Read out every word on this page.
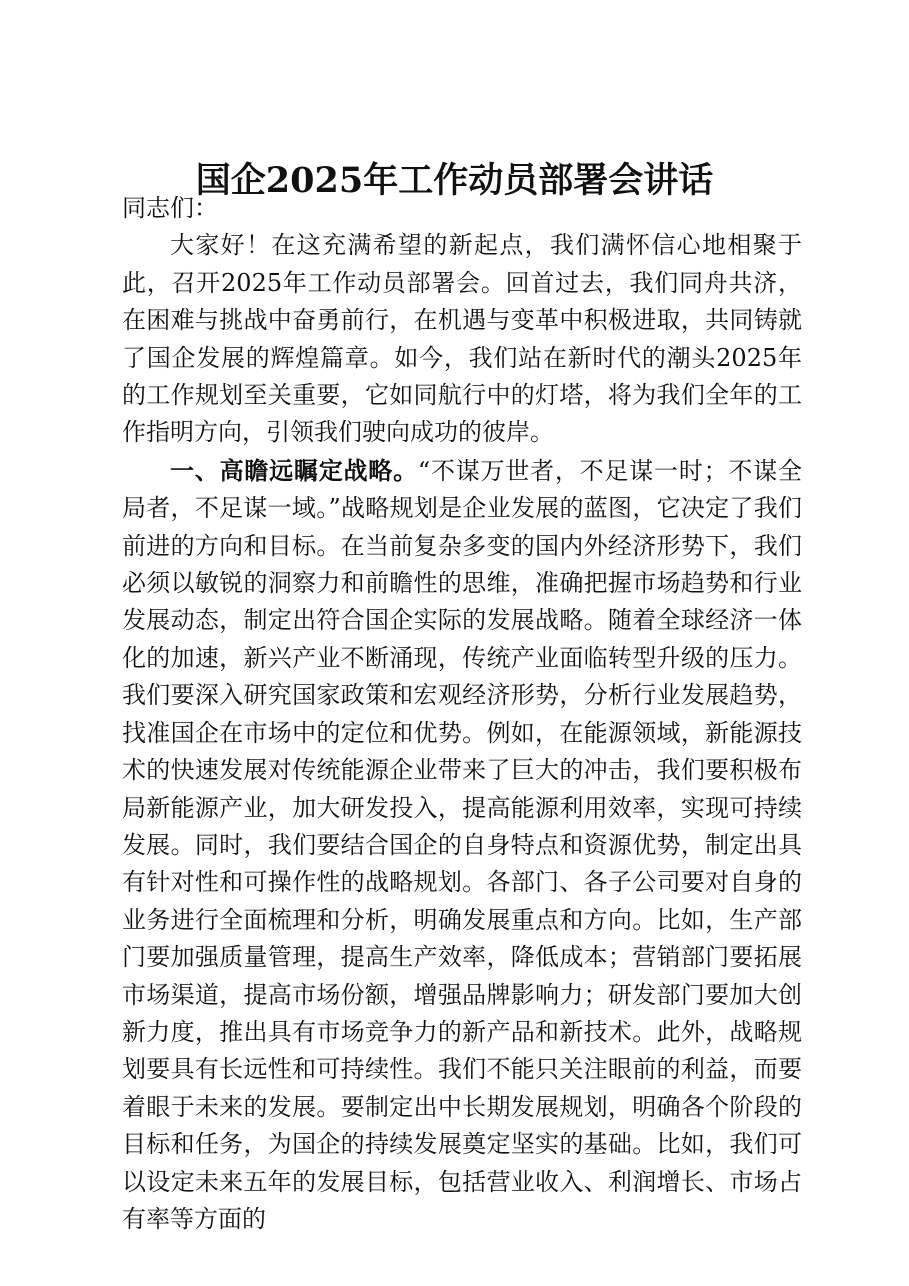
国企2025年工作动员部署会讲话

同志们：

大家好！在这充满希望的新起点，我们满怀信心地相聚于此，召开2025年工作动员部署会。回首过去，我们同舟共济，在困难与挑战中奋勇前行，在机遇与变革中积极进取，共同铸就了国企发展的辉煌篇章。如今，我们站在新时代的潮头2025年的工作规划至关重要，它如同航行中的灯塔，将为我们全年的工作指明方向，引领我们驶向成功的彼岸。

一、高瞻远瞩定战略。“不谋万世者，不足谋一时；不谋全局者，不足谋一域。”战略规划是企业发展的蓝图，它决定了我们前进的方向和目标。在当前复杂多变的国内外经济形势下，我们必须以敏锐的洞察力和前瞻性的思维，准确把握市场趋势和行业发展动态，制定出符合国企实际的发展战略。随着全球经济一体化的加速，新兴产业不断涌现，传统产业面临转型升级的压力。我们要深入研究国家政策和宏观经济形势，分析行业发展趋势，找准国企在市场中的定位和优势。例如，在能源领域，新能源技术的快速发展对传统能源企业带来了巨大的冲击，我们要积极布局新能源产业，加大研发投入，提高能源利用效率，实现可持续发展。同时，我们要结合国企的自身特点和资源优势，制定出具有针对性和可操作性的战略规划。各部门、各子公司要对自身的业务进行全面梳理和分析，明确发展重点和方向。比如，生产部门要加强质量管理，提高生产效率，降低成本；营销部门要拓展市场渠道，提高市场份额，增强品牌影响力；研发部门要加大创新力度，推出具有市场竞争力的新产品和新技术。此外，战略规划要具有长远性和可持续性。我们不能只关注眼前的利益，而要着眼于未来的发展。要制定出中长期发展规划，明确各个阶段的目标和任务，为国企的持续发展奠定坚实的基础。比如，我们可以设定未来五年的发展目标，包括营业收入、利润增长、市场占有率等方面的
